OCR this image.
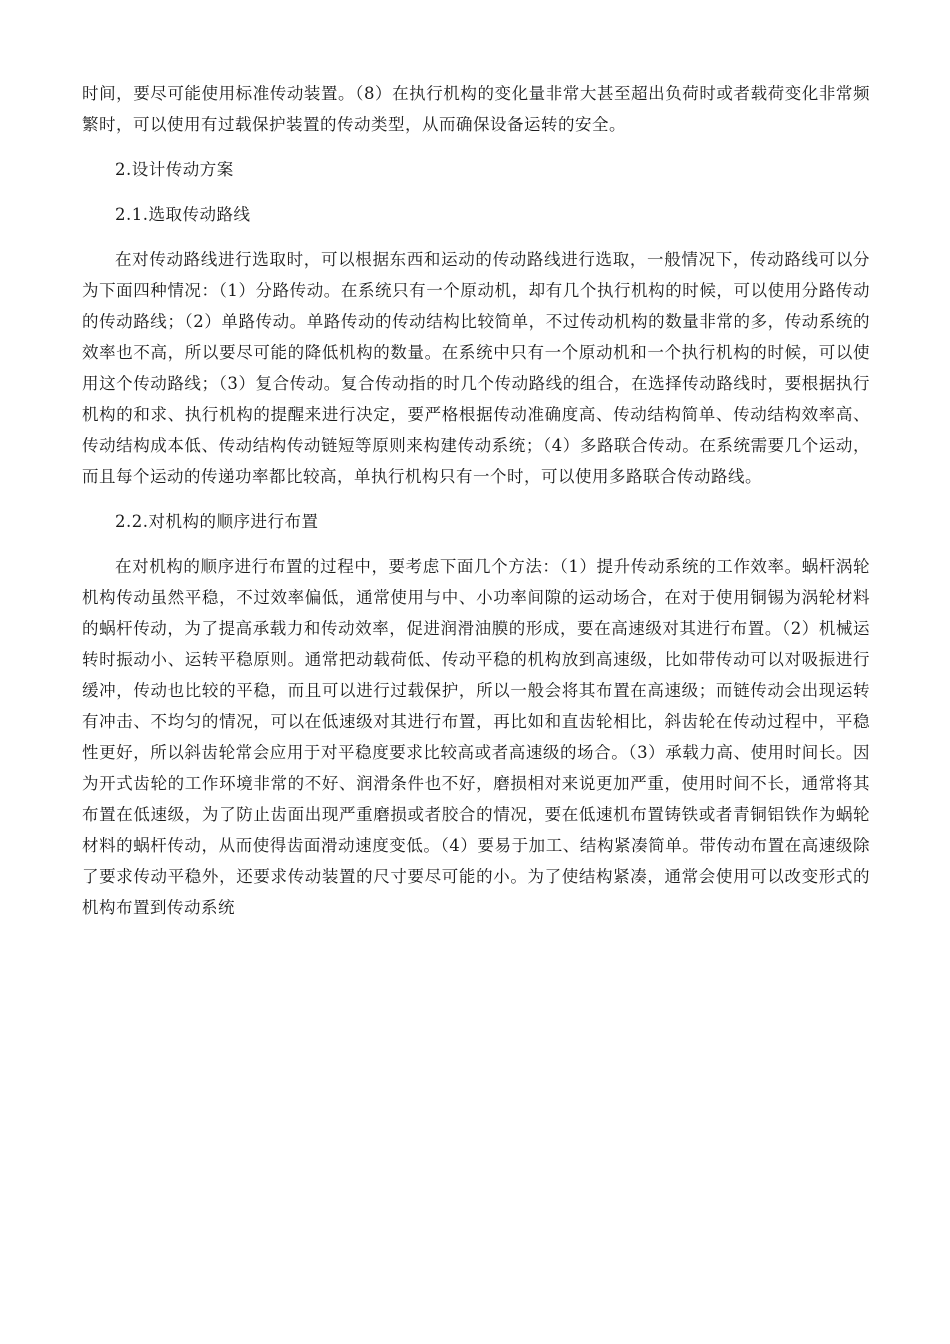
时间，要尽可能使用标准传动装置。（8）在执行机构的变化量非常大甚至超出负荷时或者载荷变化非常频繁时，可以使用有过载保护装置的传动类型，从而确保设备运转的安全。

2.设计传动方案

2.1.选取传动路线

在对传动路线进行选取时，可以根据东西和运动的传动路线进行选取，一般情况下，传动路线可以分为下面四种情况：（1）分路传动。在系统只有一个原动机，却有几个执行机构的时候，可以使用分路传动的传动路线；（2）单路传动。单路传动的传动结构比较简单，不过传动机构的数量非常的多，传动系统的效率也不高，所以要尽可能的降低机构的数量。在系统中只有一个原动机和一个执行机构的时候，可以使用这个传动路线；（3）复合传动。复合传动指的时几个传动路线的组合，在选择传动路线时，要根据执行机构的和求、执行机构的提醒来进行决定，要严格根据传动准确度高、传动结构简单、传动结构效率高、传动结构成本低、传动结构传动链短等原则来构建传动系统；（4）多路联合传动。在系统需要几个运动，而且每个运动的传递功率都比较高，单执行机构只有一个时，可以使用多路联合传动路线。

2.2.对机构的顺序进行布置

在对机构的顺序进行布置的过程中，要考虑下面几个方法：（1）提升传动系统的工作效率。蜗杆涡轮机构传动虽然平稳，不过效率偏低，通常使用与中、小功率间隙的运动场合，在对于使用铜锡为涡轮材料的蜗杆传动，为了提高承载力和传动效率，促进润滑油膜的形成，要在高速级对其进行布置。（2）机械运转时振动小、运转平稳原则。通常把动载荷低、传动平稳的机构放到高速级，比如带传动可以对吸振进行缓冲，传动也比较的平稳，而且可以进行过载保护，所以一般会将其布置在高速级；而链传动会出现运转有冲击、不均匀的情况，可以在低速级对其进行布置，再比如和直齿轮相比，斜齿轮在传动过程中，平稳性更好，所以斜齿轮常会应用于对平稳度要求比较高或者高速级的场合。（3）承载力高、使用时间长。因为开式齿轮的工作环境非常的不好、润滑条件也不好，磨损相对来说更加严重，使用时间不长，通常将其布置在低速级，为了防止齿面出现严重磨损或者胶合的情况，要在低速机布置铸铁或者青铜铝铁作为蜗轮材料的蜗杆传动，从而使得齿面滑动速度变低。（4）要易于加工、结构紧凑简单。带传动布置在高速级除了要求传动平稳外，还要求传动装置的尺寸要尽可能的小。为了使结构紧凑，通常会使用可以改变形式的机构布置到传动系统
